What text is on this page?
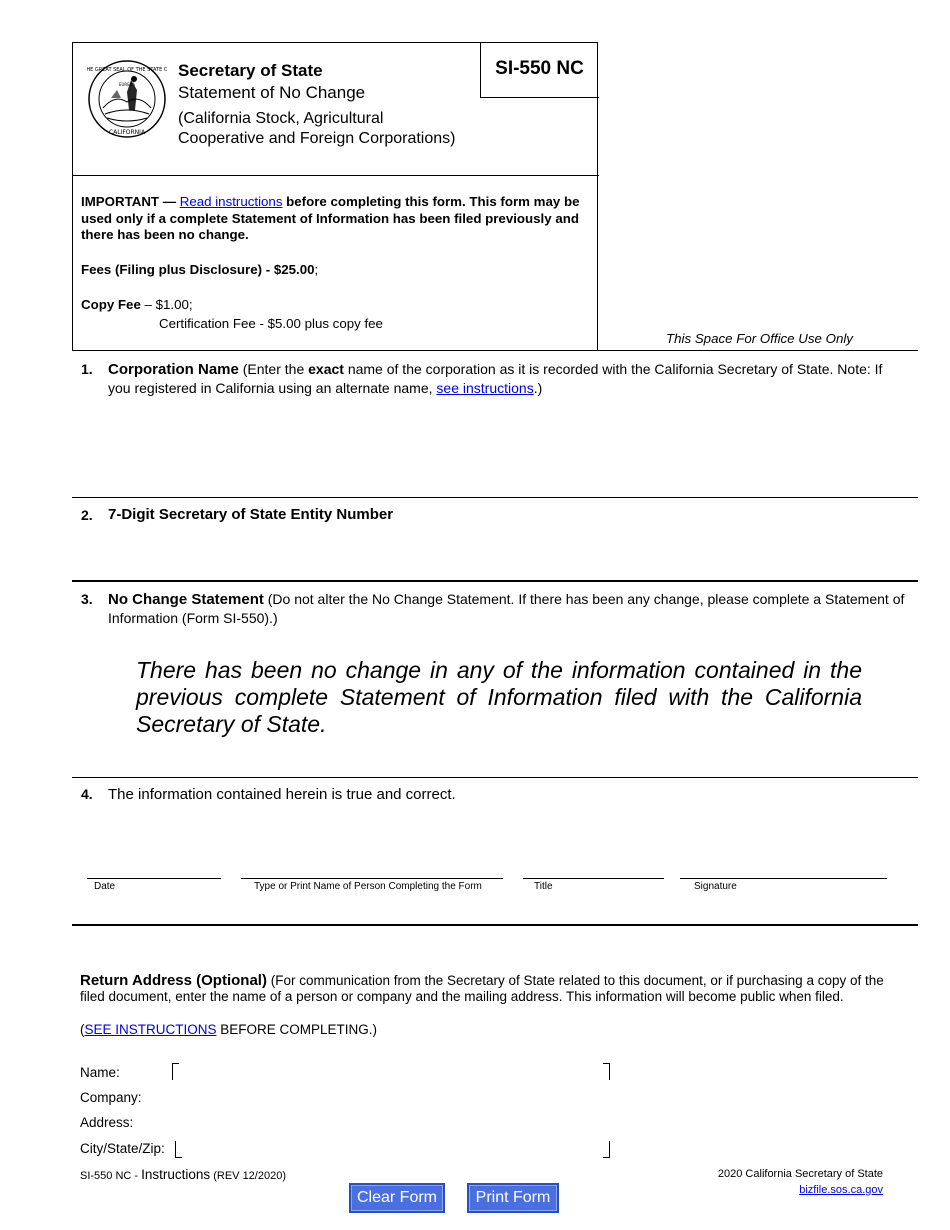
SI-550 NC
THE GREAT SEAL OF THE STATE OF
CALIFORNIA
EUREKA
Secretary of State
Statement of No Change
(California Stock, Agricultural
Cooperative and Foreign Corporations)
IMPORTANT — Read instructions before completing this form. This form may be used only if a complete Statement of Information has been filed previously and there has been no change.
Fees (Filing plus Disclosure) - $25.00;
Copy Fee – $1.00;
Certification Fee - $5.00 plus copy fee
This Space For Office Use Only
1. Corporation Name (Enter the exact name of the corporation as it is recorded with the California Secretary of State. Note: If you registered in California using an alternate name, see instructions.)
2. 7-Digit Secretary of State Entity Number
3. No Change Statement (Do not alter the No Change Statement. If there has been any change, please complete a Statement of Information (Form SI-550).)
There has been no change in any of the information contained in the previous complete Statement of Information filed with the California Secretary of State.
4. The information contained herein is true and correct.
Date	Type or Print Name of Person Completing the Form	Title	Signature
Return Address (Optional) (For communication from the Secretary of State related to this document, or if purchasing a copy of the filed document, enter the name of a person or company and the mailing address. This information will become public when filed.
(SEE INSTRUCTIONS BEFORE COMPLETING.)
Name:
Company:
Address:
City/State/Zip:
SI-550 NC - Instructions (REV 12/2020)	2020 California Secretary of State
bizfile.sos.ca.gov
Clear Form	Print Form
